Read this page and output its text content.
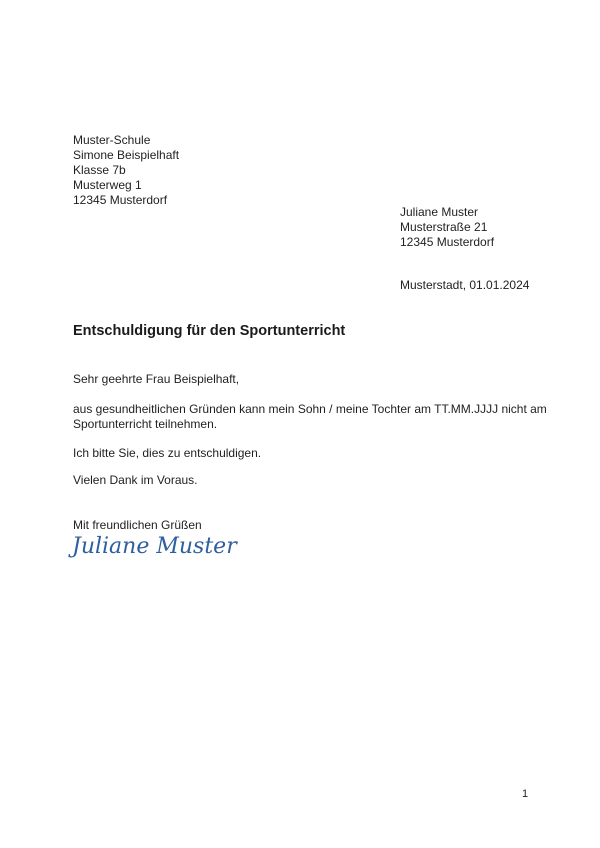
Muster-Schule
Simone Beispielhaft
Klasse 7b
Musterweg 1
12345 Musterdorf
Juliane Muster
Musterstraße 21
12345 Musterdorf
Musterstadt, 01.01.2024
Entschuldigung für den Sportunterricht
Sehr geehrte Frau Beispielhaft,
aus gesundheitlichen Gründen kann mein Sohn / meine Tochter am TT.MM.JJJJ nicht am
Sportunterricht teilnehmen.
Ich bitte Sie, dies zu entschuldigen.
Vielen Dank im Voraus.
Mit freundlichen Grüßen
Juliane Muster
1
